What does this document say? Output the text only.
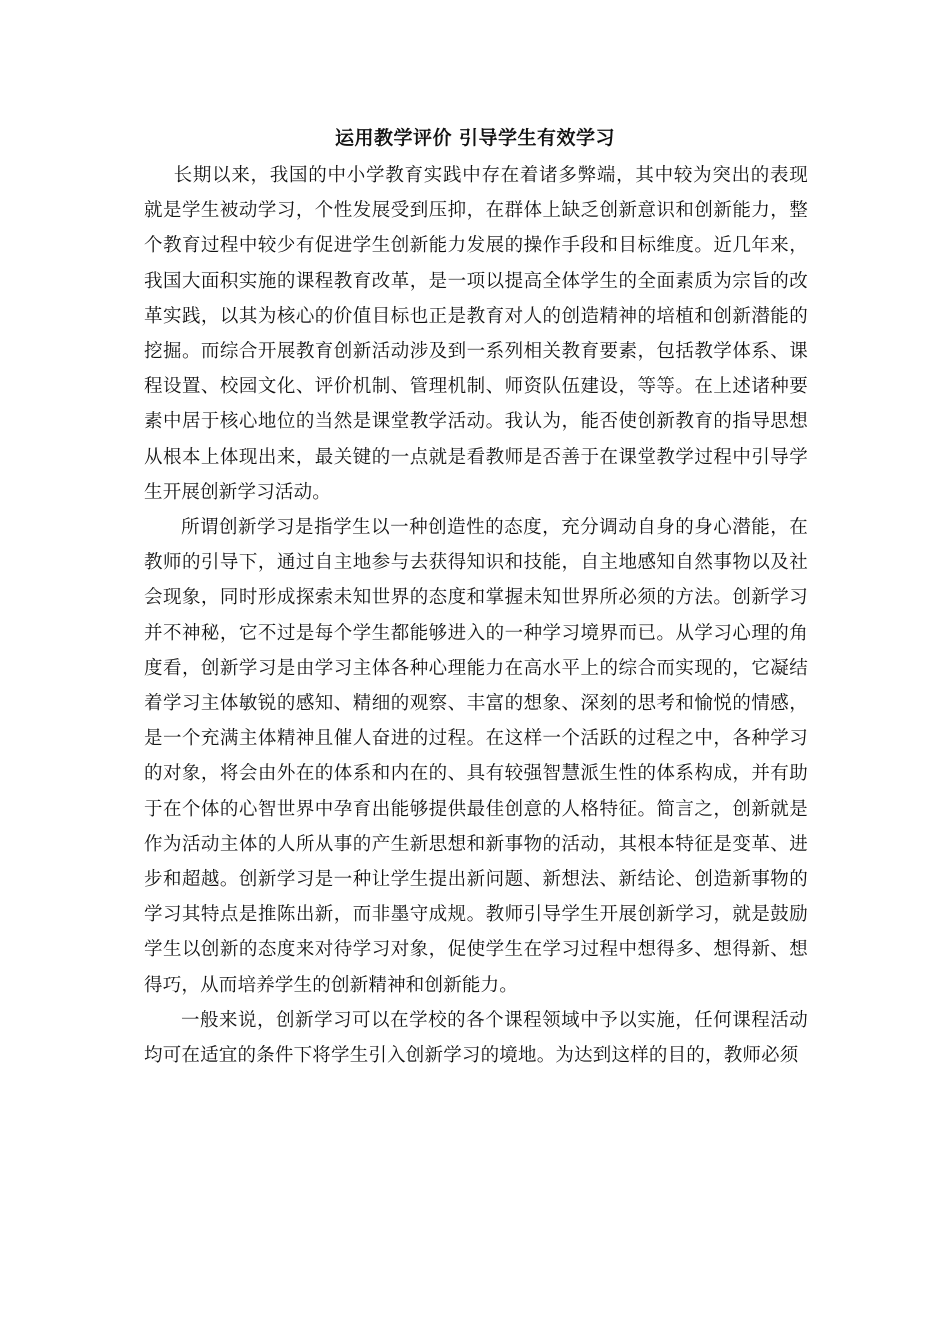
运用教学评价 引导学生有效学习

长期以来，我国的中小学教育实践中存在着诸多弊端，其中较为突出的表现就是学生被动学习，个性发展受到压抑，在群体上缺乏创新意识和创新能力，整个教育过程中较少有促进学生创新能力发展的操作手段和目标维度。近几年来，我国大面积实施的课程教育改革，是一项以提高全体学生的全面素质为宗旨的改革实践，以其为核心的价值目标也正是教育对人的创造精神的培植和创新潜能的挖掘。而综合开展教育创新活动涉及到一系列相关教育要素，包括教学体系、课程设置、校园文化、评价机制、管理机制、师资队伍建设，等等。在上述诸种要素中居于核心地位的当然是课堂教学活动。我认为，能否使创新教育的指导思想从根本上体现出来，最关键的一点就是看教师是否善于在课堂教学过程中引导学生开展创新学习活动。

所谓创新学习是指学生以一种创造性的态度，充分调动自身的身心潜能，在教师的引导下，通过自主地参与去获得知识和技能，自主地感知自然事物以及社会现象，同时形成探索未知世界的态度和掌握未知世界所必须的方法。创新学习并不神秘，它不过是每个学生都能够进入的一种学习境界而已。从学习心理的角度看，创新学习是由学习主体各种心理能力在高水平上的综合而实现的，它凝结着学习主体敏锐的感知、精细的观察、丰富的想象、深刻的思考和愉悦的情感，是一个充满主体精神且催人奋进的过程。在这样一个活跃的过程之中，各种学习的对象，将会由外在的体系和内在的、具有较强智慧派生性的体系构成，并有助于在个体的心智世界中孕育出能够提供最佳创意的人格特征。简言之，创新就是作为活动主体的人所从事的产生新思想和新事物的活动，其根本特征是变革、进步和超越。创新学习是一种让学生提出新问题、新想法、新结论、创造新事物的学习其特点是推陈出新，而非墨守成规。教师引导学生开展创新学习，就是鼓励学生以创新的态度来对待学习对象，促使学生在学习过程中想得多、想得新、想得巧，从而培养学生的创新精神和创新能力。

一般来说，创新学习可以在学校的各个课程领域中予以实施，任何课程活动均可在适宜的条件下将学生引入创新学习的境地。为达到这样的目的，教师必须
